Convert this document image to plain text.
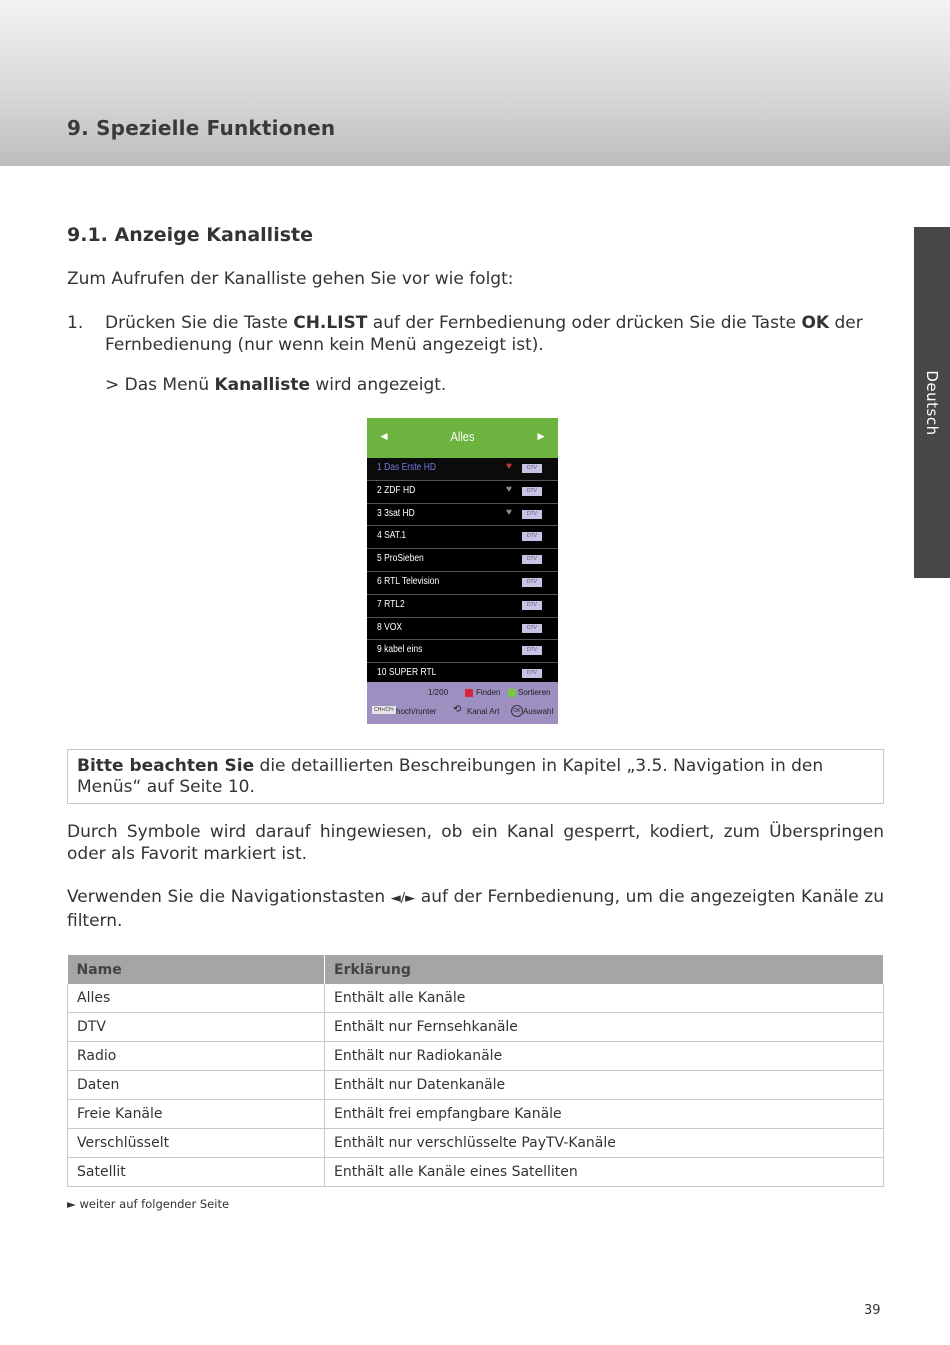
9. Spezielle Funktionen
Deutsch
9.1. Anzeige Kanalliste

Zum Aufrufen der Kanalliste gehen Sie vor wie folgt:

1. Drücken Sie die Taste CH.LIST auf der Fernbedienung oder drücken Sie die Taste OK der Fernbedienung (nur wenn kein Menü angezeigt ist).

> Das Menü Kanalliste wird angezeigt.

◄	Alles	►
1 Das Erste HD	♥	DTV
2 ZDF HD	♥	DTV
3 3sat HD	♥	DTV
4 SAT.1	DTV
5 ProSieben	DTV
6 RTL Television	DTV
7 RTL2	DTV
8 VOX	DTV
9 kabel eins	DTV
10 SUPER RTL	DTV
1/200	Finden Sortieren
CH+/CH- hoch/runter ⟲ Kanal Art	OK Auswahl
Bitte beachten Sie die detaillierten Beschreibungen in Kapitel „3.5. Navigation in den Menüs“ auf Seite 10.

Durch Symbole wird darauf hingewiesen, ob ein Kanal gesperrt, kodiert, zum Überspringen oder als Favorit markiert ist.

Verwenden Sie die Navigationstasten ◄/► auf der Fernbedienung, um die angezeigten Kanäle zu filtern.

Name	Erklärung
Alles	Enthält alle Kanäle
DTV	Enthält nur Fernsehkanäle
Radio	Enthält nur Radiokanäle
Daten	Enthält nur Datenkanäle
Freie Kanäle	Enthält frei empfangbare Kanäle
Verschlüsselt	Enthält nur verschlüsselte PayTV-Kanäle
Satellit	Enthält alle Kanäle eines Satelliten
► weiter auf folgender Seite
39
